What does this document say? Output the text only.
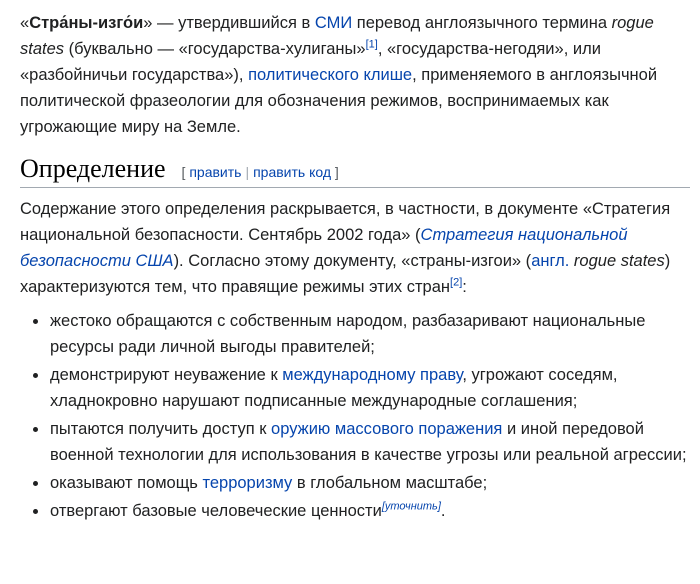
«Стра́ны-изго́и» — утвердившийся в СМИ перевод англоязычного термина rogue states (буквально — «государства-хулиганы»[1], «государства-негодяи», или «разбойничьи государства»), политического клише, применяемого в англоязычной политической фразеологии для обозначения режимов, воспринимаемых как угрожающие миру на Земле.

Определение [ править | править код ]

Содержание этого определения раскрывается, в частности, в документе «Стратегия национальной безопасности. Сентябрь 2002 года» (Стратегия национальной безопасности США). Согласно этому документу, «страны-изгои» (англ. rogue states) характеризуются тем, что правящие режимы этих стран[2]:

жестоко обращаются с собственным народом, разбазаривают национальные ресурсы ради личной выгоды правителей;
демонстрируют неуважение к международному праву, угрожают соседям, хладнокровно нарушают подписанные международные соглашения;
пытаются получить доступ к оружию массового поражения и иной передовой военной технологии для использования в качестве угрозы или реальной агрессии;
оказывают помощь терроризму в глобальном масштабе;
отвергают базовые человеческие ценности[уточнить].
